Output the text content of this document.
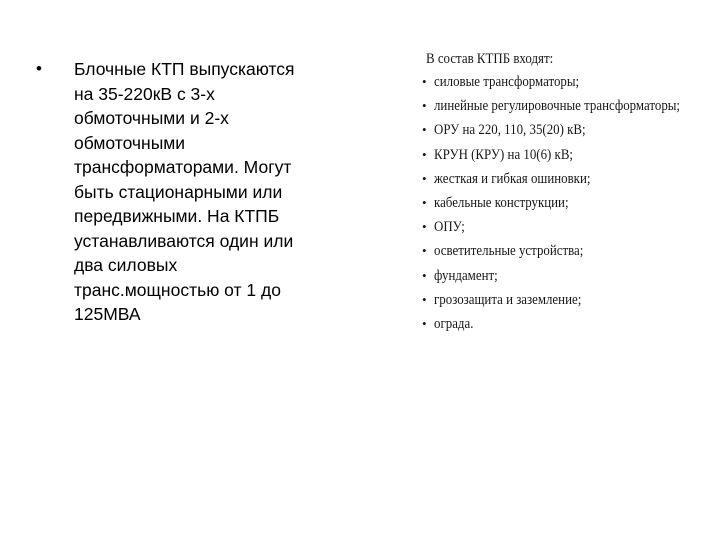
•	Блочные КТП выпускаются
на 35-220кВ с 3-х
обмоточными и 2-х
обмоточными
трансформаторами. Могут
быть стационарными или
передвижными. На КТПБ
устанавливаются один или
два силовых
транс.мощностью от 1 до
125МВА
В состав КТПБ входят:
• силовые трансформаторы;
• линейные регулировочные трансформаторы;
• ОРУ на 220, 110, 35(20) кВ;
• КРУН (КРУ) на 10(6) кВ;
• жесткая и гибкая ошиновки;
• кабельные конструкции;
• ОПУ;
• осветительные устройства;
• фундамент;
• грозозащита и заземление;
• ограда.
